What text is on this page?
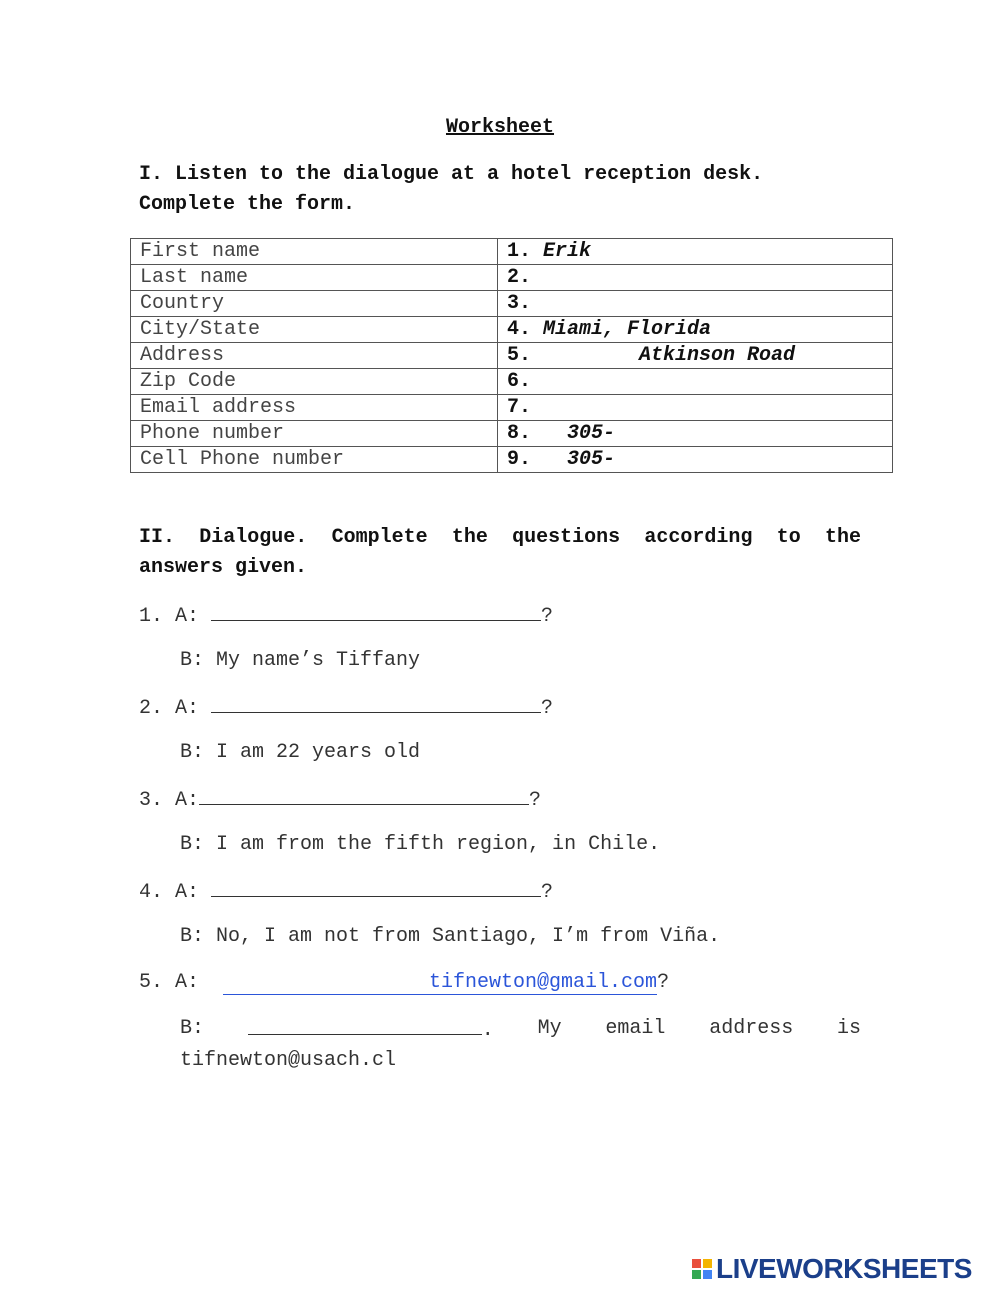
Worksheet
I. Listen to the dialogue at a hotel reception desk. Complete the form.
First name	1. Erik
Last name	2.
Country	3.
City/State	4. Miami, Florida
Address	5.         Atkinson Road
Zip Code	6.
Email address	7.
Phone number	8.   305-
Cell Phone number	9.   305-
II. Dialogue. Complete the questions according to the answers given.
1. A:	?
B: My name’s Tiffany
2. A:	?
B: I am 22 years old
3. A:	?
B: I am from the fifth region, in Chile.
4. A:	?
B: No, I am not from Santiago, I’m from Viña.
5. A:	tifnewton@gmail.com?
B:	. My email address is
tifnewton@usach.cl
LIVEWORKSHEETS
